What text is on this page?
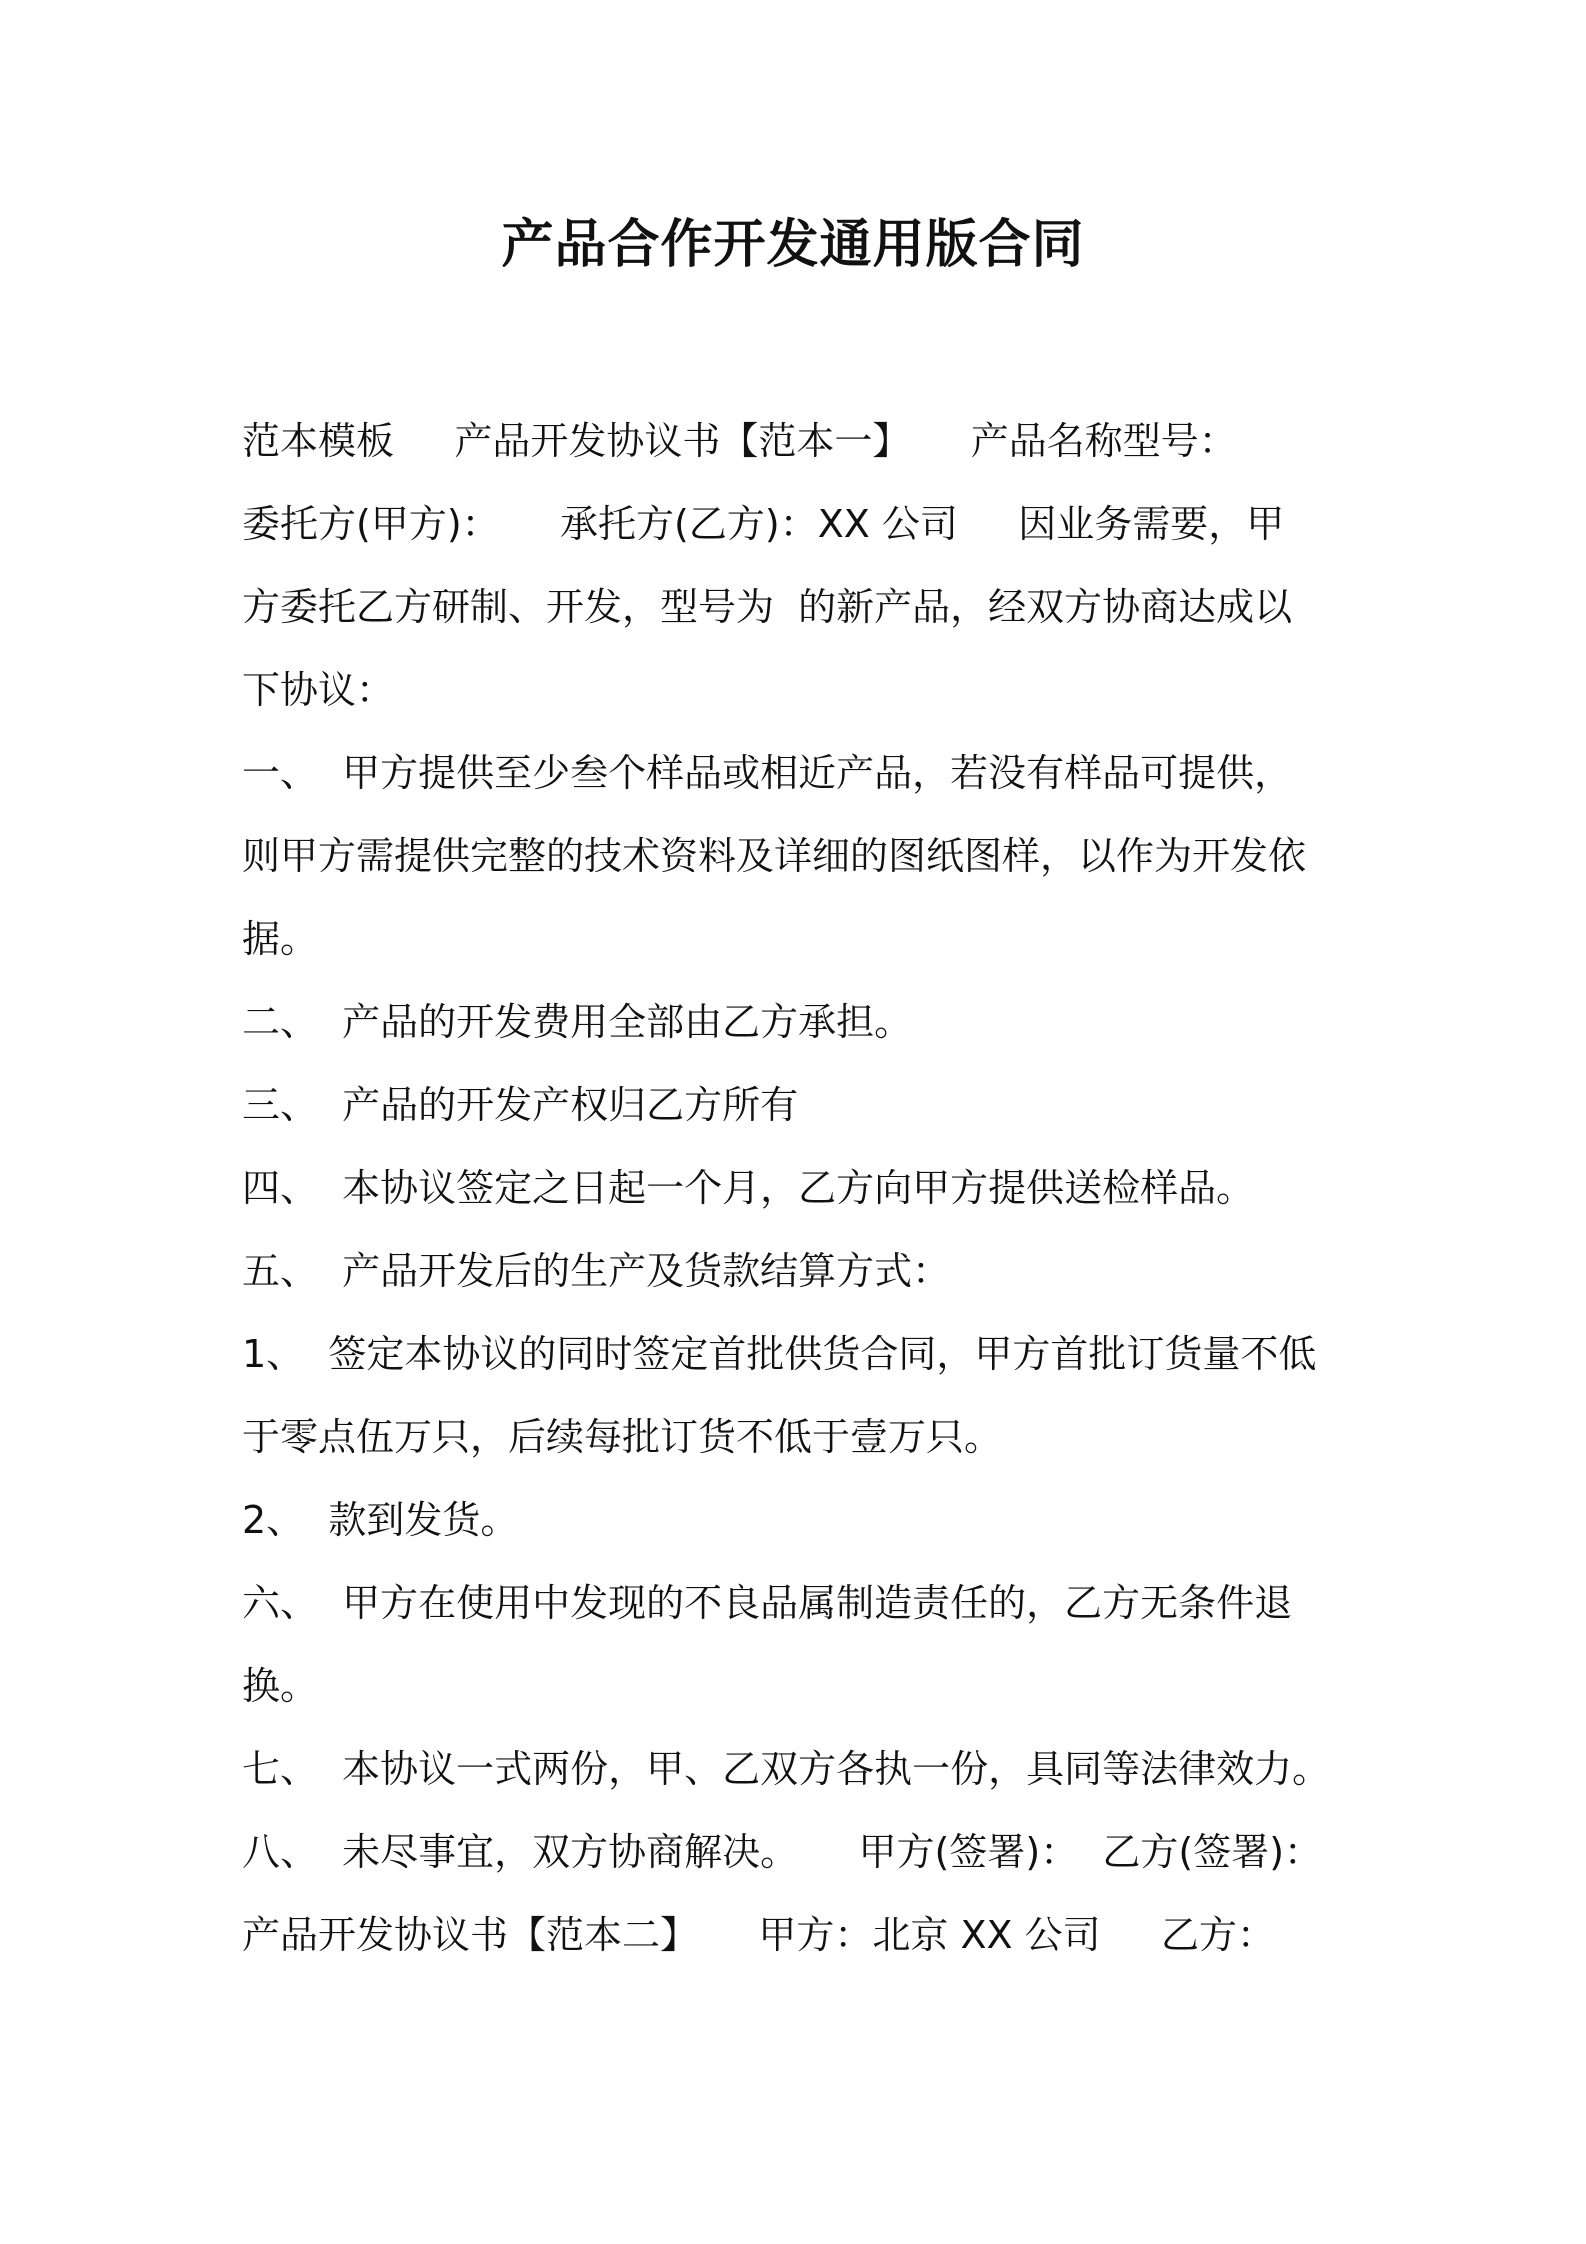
产品合作开发通用版合同
范本模板     产品开发协议书【范本一】     产品名称型号：
委托方(甲方)：     承托方(乙方)：XX 公司     因业务需要，甲
方委托乙方研制、开发，型号为  的新产品，经双方协商达成以
下协议：
一、  甲方提供至少叁个样品或相近产品，若没有样品可提供，
则甲方需提供完整的技术资料及详细的图纸图样，以作为开发依
据。
二、  产品的开发费用全部由乙方承担。
三、  产品的开发产权归乙方所有
四、  本协议签定之日起一个月，乙方向甲方提供送检样品。
五、  产品开发后的生产及货款结算方式：
1、  签定本协议的同时签定首批供货合同，甲方首批订货量不低
于零点伍万只，后续每批订货不低于壹万只。
2、  款到发货。
六、  甲方在使用中发现的不良品属制造责任的，乙方无条件退
换。
七、  本协议一式两份，甲、乙双方各执一份，具同等法律效力。
八、  未尽事宜，双方协商解决。     甲方(签署)：  乙方(签署)：
产品开发协议书【范本二】     甲方：北京 XX 公司     乙方：
